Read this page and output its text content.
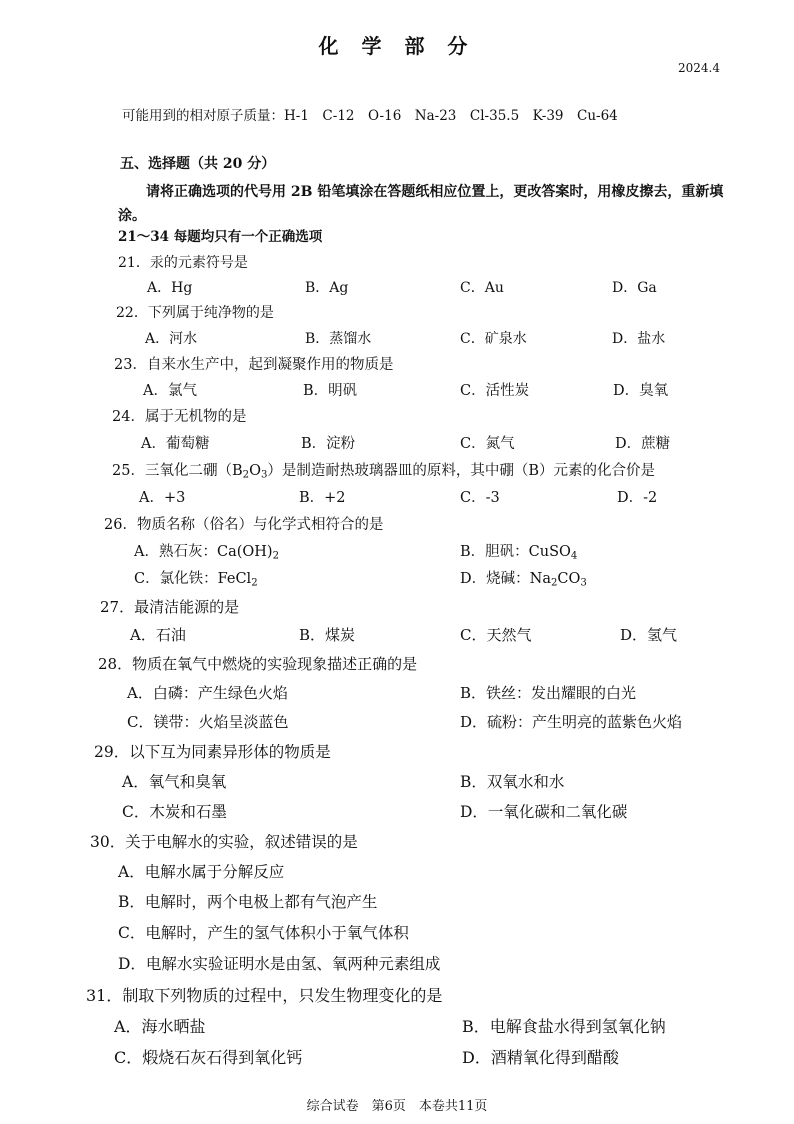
化 学 部 分
2024.4
可能用到的相对原子质量：H-1　C-12　O-16　Na-23　Cl-35.5　K-39　Cu-64
五、选择题（共 20 分）
请将正确选项的代号用 2B 铅笔填涂在答题纸相应位置上，更改答案时，用橡皮擦去，重新填涂。
21～34 每题均只有一个正确选项
21．汞的元素符号是
A．Hg	B．Ag	C．Au	D．Ga
22．下列属于纯净物的是
A．河水	B．蒸馏水	C．矿泉水	D．盐水
23．自来水生产中，起到凝聚作用的物质是
A．氯气	B．明矾	C．活性炭	D．臭氧
24．属于无机物的是
A．葡萄糖	B．淀粉	C．氮气	D．蔗糖
25．三氧化二硼$(B_2O_3)$是制造耐热玻璃器皿的原料，其中硼（B）元素的化合价是
A．+3	B．+2	C．-3	D．-2
26．物质名称（俗名）与化学式相符合的是
A．熟石灰：$Ca(OH)_2$	B．胆矾：CuSO$_4$
C．氯化铁：FeCl$_2$	D．烧碱：$Na_2CO_3$
27．最清洁能源的是
A．石油	B．煤炭	C．天然气	D．氢气
28．物质在氧气中燃烧的实验现象描述正确的是
A．白磷：产生绿色火焰	B．铁丝：发出耀眼的白光
C．镁带：火焰呈淡蓝色	D．硫粉：产生明亮的蓝紫色火焰
29．以下互为同素异形体的物质是
A．氧气和臭氧	B．双氧水和水
C．木炭和石墨	D．一氧化碳和二氧化碳
30．关于电解水的实验，叙述错误的是
A．电解水属于分解反应
B．电解时，两个电极上都有气泡产生
C．电解时，产生的氢气体积小于氧气体积
D．电解水实验证明水是由氢、氧两种元素组成
31．制取下列物质的过程中，只发生物理变化的是
A．海水晒盐	B．电解食盐水得到氢氧化钠
C．煅烧石灰石得到氧化钙	D．酒精氧化得到醋酸
综合试卷　第6页　本卷共11页
